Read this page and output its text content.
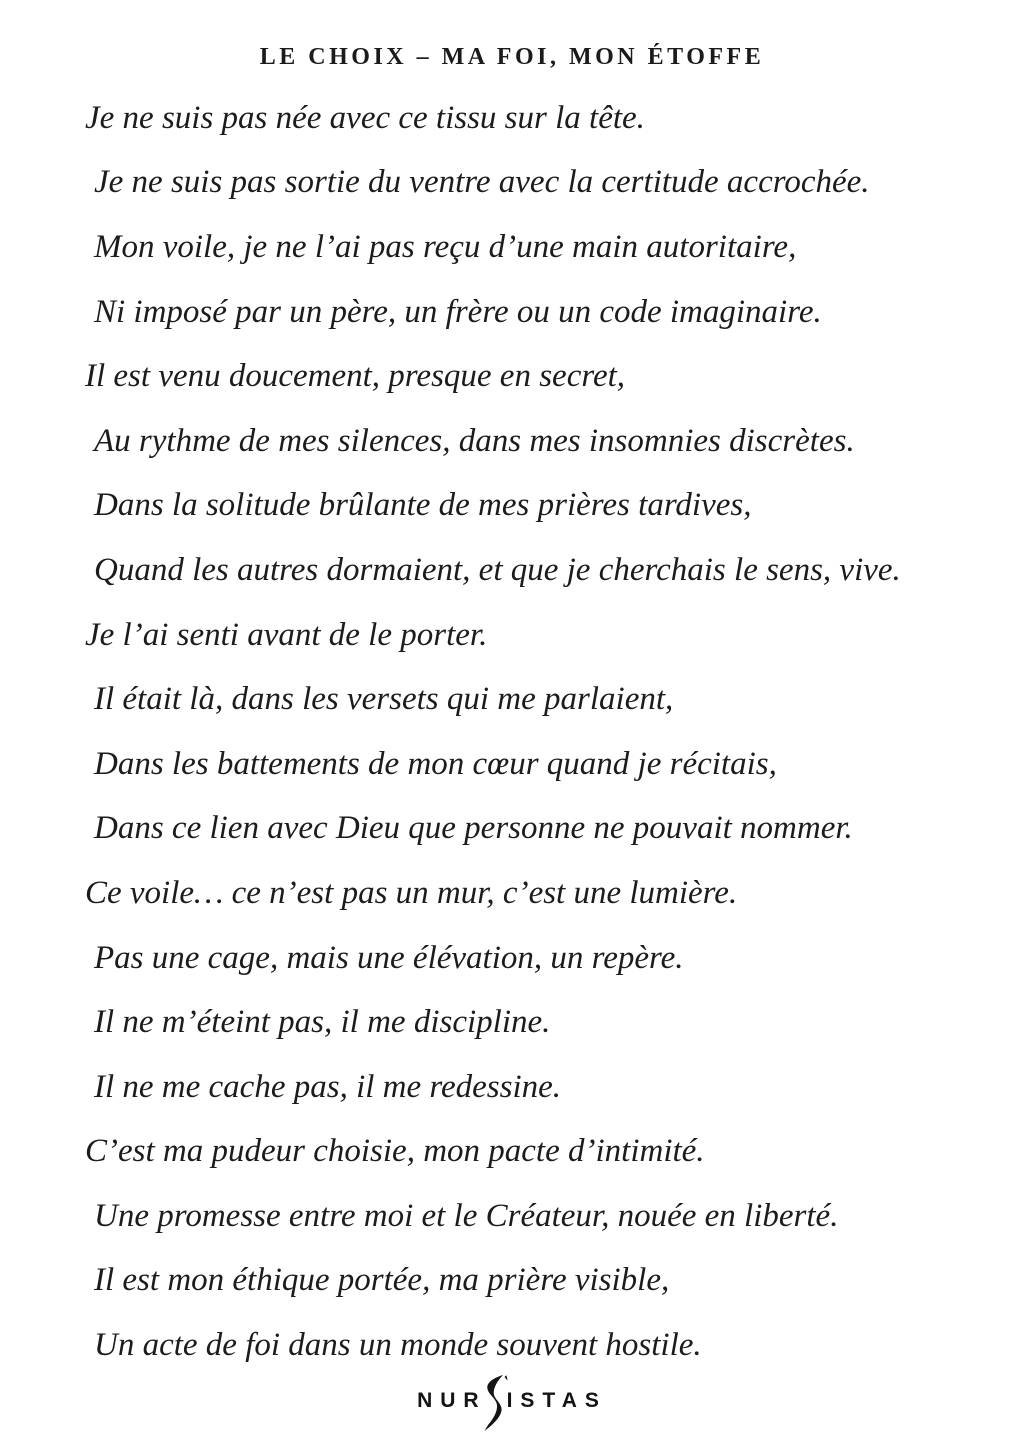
LE CHOIX – MA FOI, MON ÉTOFFE

Je ne suis pas née avec ce tissu sur la tête.

Je ne suis pas sortie du ventre avec la certitude accrochée.

Mon voile, je ne l’ai pas reçu d’une main autoritaire,

Ni imposé par un père, un frère ou un code imaginaire.

Il est venu doucement, presque en secret,

Au rythme de mes silences, dans mes insomnies discrètes.

Dans la solitude brûlante de mes prières tardives,

Quand les autres dormaient, et que je cherchais le sens, vive.

Je l’ai senti avant de le porter.

Il était là, dans les versets qui me parlaient,

Dans les battements de mon cœur quand je récitais,

Dans ce lien avec Dieu que personne ne pouvait nommer.

Ce voile… ce n’est pas un mur, c’est une lumière.

Pas une cage, mais une élévation, un repère.

Il ne m’éteint pas, il me discipline.

Il ne me cache pas, il me redessine.

C’est ma pudeur choisie, mon pacte d’intimité.

Une promesse entre moi et le Créateur, nouée en liberté.

Il est mon éthique portée, ma prière visible,

Un acte de foi dans un monde souvent hostile.

NUR ISTAS
